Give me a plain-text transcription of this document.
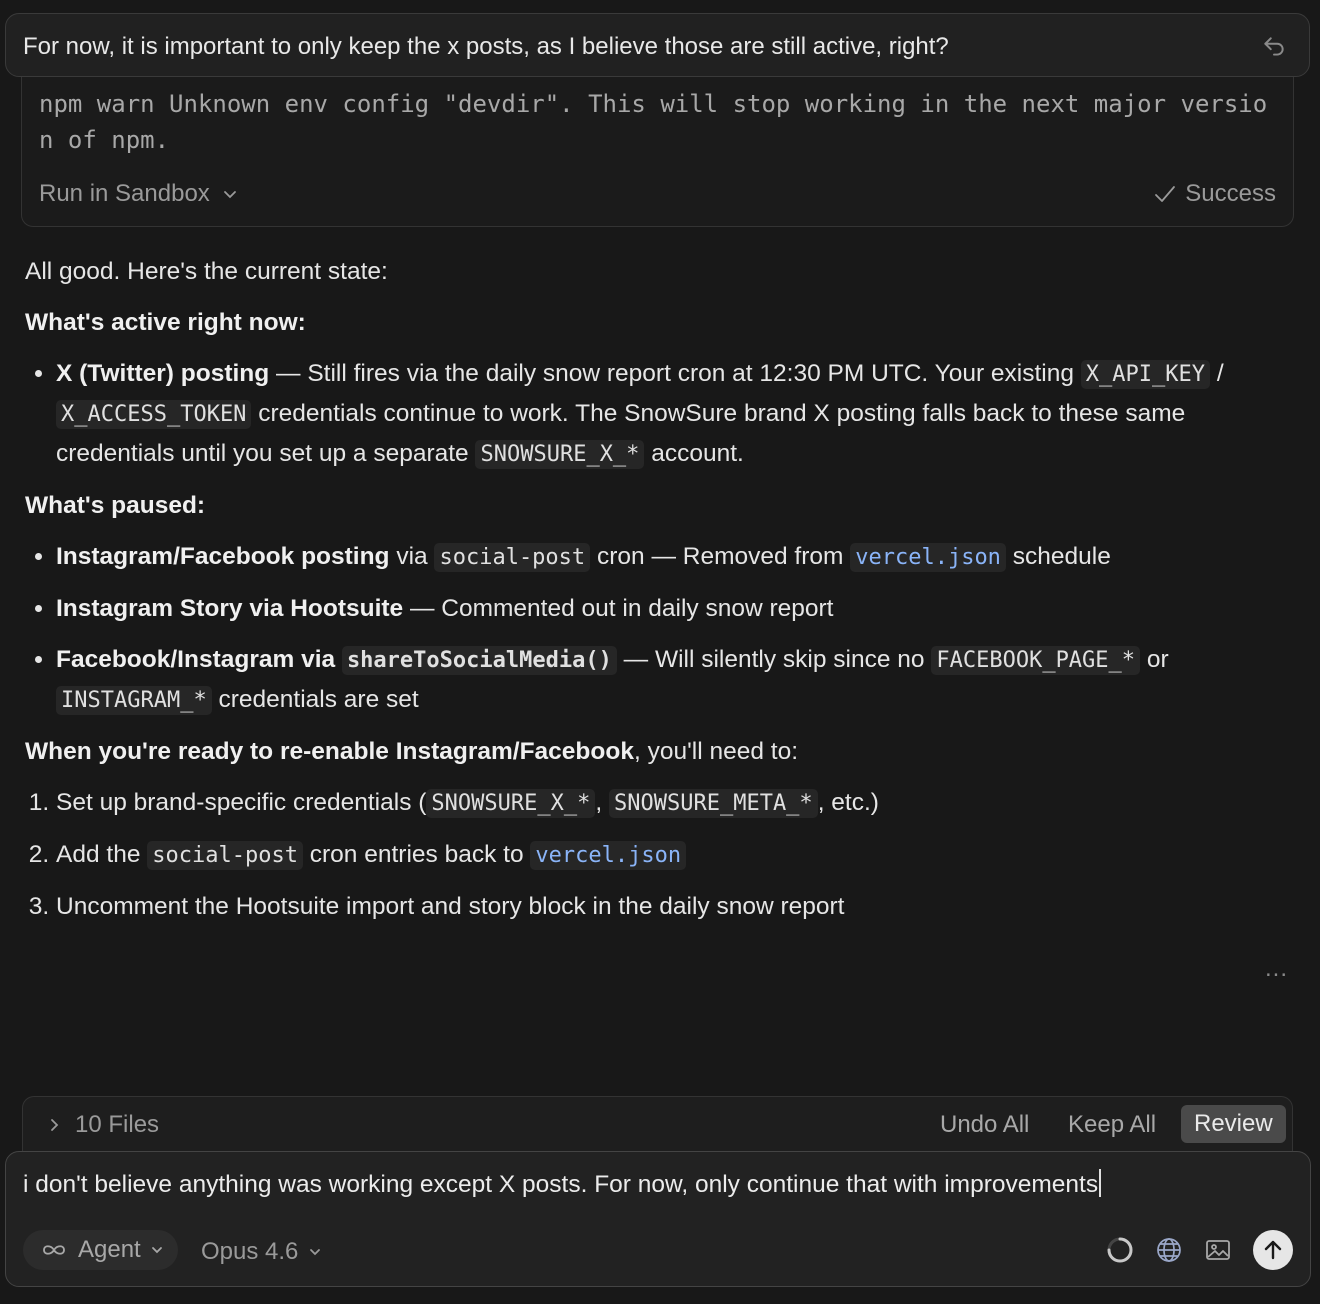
For now, it is important to only keep the x posts, as I believe those are still active, right?
npm warn Unknown env config "devdir". This will stop working in the next major version of npm.
Run in Sandbox	Success

All good. Here's the current state:

What's active right now:

• X (Twitter) posting — Still fires via the daily snow report cron at 12:30 PM UTC. Your existing X_API_KEY / X_ACCESS_TOKEN credentials continue to work. The SnowSure brand X posting falls back to these same credentials until you set up a separate SNOWSURE_X_* account.

What's paused:

• Instagram/Facebook posting via social-post cron — Removed from vercel.json schedule
• Instagram Story via Hootsuite — Commented out in daily snow report
• Facebook/Instagram via shareToSocialMedia() — Will silently skip since no FACEBOOK_PAGE_* or INSTAGRAM_* credentials are set

When you're ready to re-enable Instagram/Facebook, you'll need to:

1. Set up brand-specific credentials ( SNOWSURE_X_* , SNOWSURE_META_* , etc.)
2. Add the social-post cron entries back to vercel.json
3. Uncomment the Hootsuite import and story block in the daily snow report
...
10 Files	Undo All Keep All	Review
i don't believe anything was working except X posts. For now, only continue that with improvements
Agent	Opus 4.6
